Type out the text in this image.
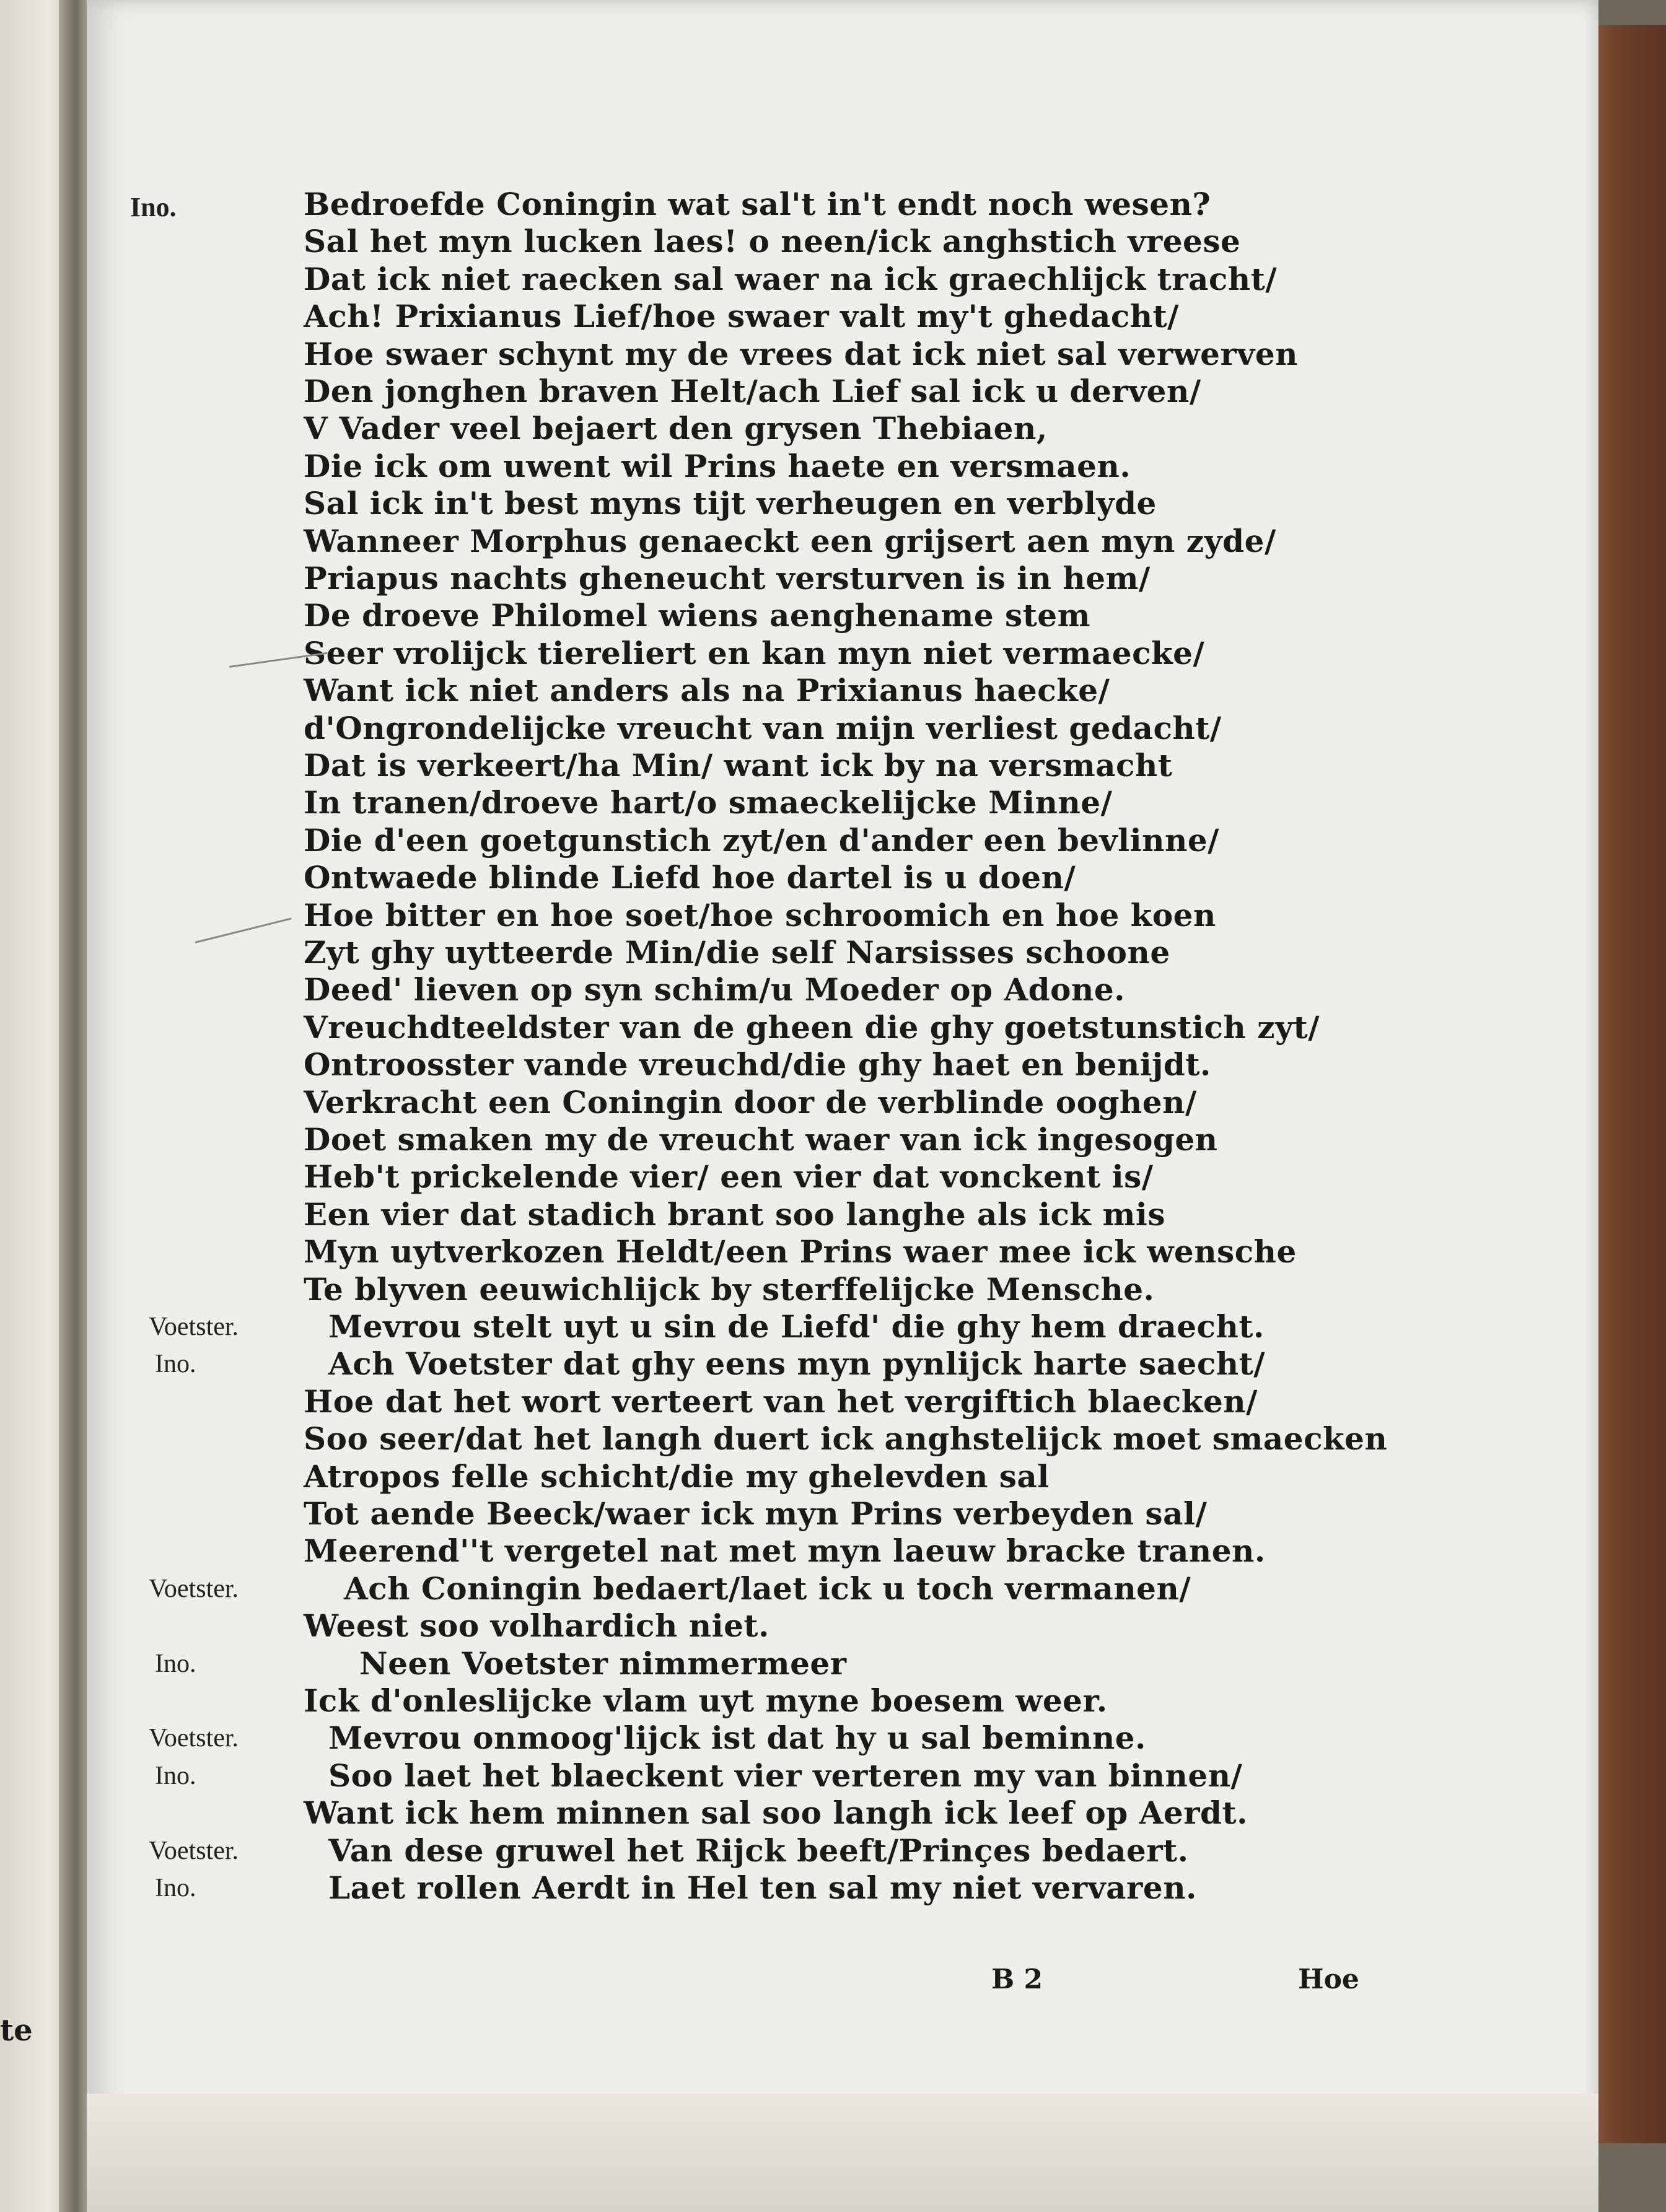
te
Bedroefde Coningin wat sal't in't endt noch wesen?
Sal het myn lucken laes! o neen/ick anghstich vreese
Dat ick niet raecken sal waer na ick graechlijck tracht/
Ach! Prixianus Lief/hoe swaer valt my't ghedacht/
Hoe swaer schynt my de vrees dat ick niet sal verwerven
Den jonghen braven Helt/ach Lief sal ick u derven/
V Vader veel bejaert den grysen Thebiaen,
Die ick om uwent wil Prins haete en versmaen.
Sal ick in't best myns tijt verheugen en verblyde
Wanneer Morphus genaeckt een grijsert aen myn zyde/
Priapus nachts gheneucht versturven is in hem/
De droeve Philomel wiens aenghename stem
Seer vrolijck tiereliert en kan myn niet vermaecke/
Want ick niet anders als na Prixianus haecke/
d'Ongrondelijcke vreucht van mijn verliest gedacht/
Dat is verkeert/ha Min/ want ick by na versmacht
In tranen/droeve hart/o smaeckelijcke Minne/
Die d'een goetgunstich zyt/en d'ander een bevlinne/
Ontwaede blinde Liefd hoe dartel is u doen/
Hoe bitter en hoe soet/hoe schroomich en hoe koen
Zyt ghy uytteerde Min/die self Narsisses schoone
Deed' lieven op syn schim/u Moeder op Adone.
Vreuchdteeldster van de gheen die ghy goetstunstich zyt/
Ontroosster vande vreuchd/die ghy haet en benijdt.
Verkracht een Coningin door de verblinde ooghen/
Doet smaken my de vreucht waer van ick ingesogen
Heb't prickelende vier/ een vier dat vonckent is/
Een vier dat stadich brant soo langhe als ick mis
Myn uytverkozen Heldt/een Prins waer mee ick wensche
Te blyven eeuwichlijck by sterffelijcke Mensche.
Mevrou stelt uyt u sin de Liefd' die ghy hem draecht.
Voetster.
Ach Voetster dat ghy eens myn pynlijck harte saecht/
Ino.
Hoe dat het wort verteert van het vergiftich blaecken/
Soo seer/dat het langh duert ick anghstelijck moet smaecken
Atropos felle schicht/die my ghelevden sal
Tot aende Beeck/waer ick myn Prins verbeyden sal/
Meerend''t vergetel nat met myn laeuw bracke tranen.
Ach Coningin bedaert/laet ick u toch vermanen/
Voetster.
Weest soo volhardich niet.
Neen Voetster nimmermeer
Ino.
Ick d'onleslijcke vlam uyt myne boesem weer.
Mevrou onmoog'lijck ist dat hy u sal beminne.
Voetster.
Soo laet het blaeckent vier verteren my van binnen/
Ino.
Want ick hem minnen sal soo langh ick leef op Aerdt.
Van dese gruwel het Rijck beeft/Prinçes bedaert.
Voetster.
Laet rollen Aerdt in Hel ten sal my niet vervaren.
Ino.
Ino.
B 2	Hoe
